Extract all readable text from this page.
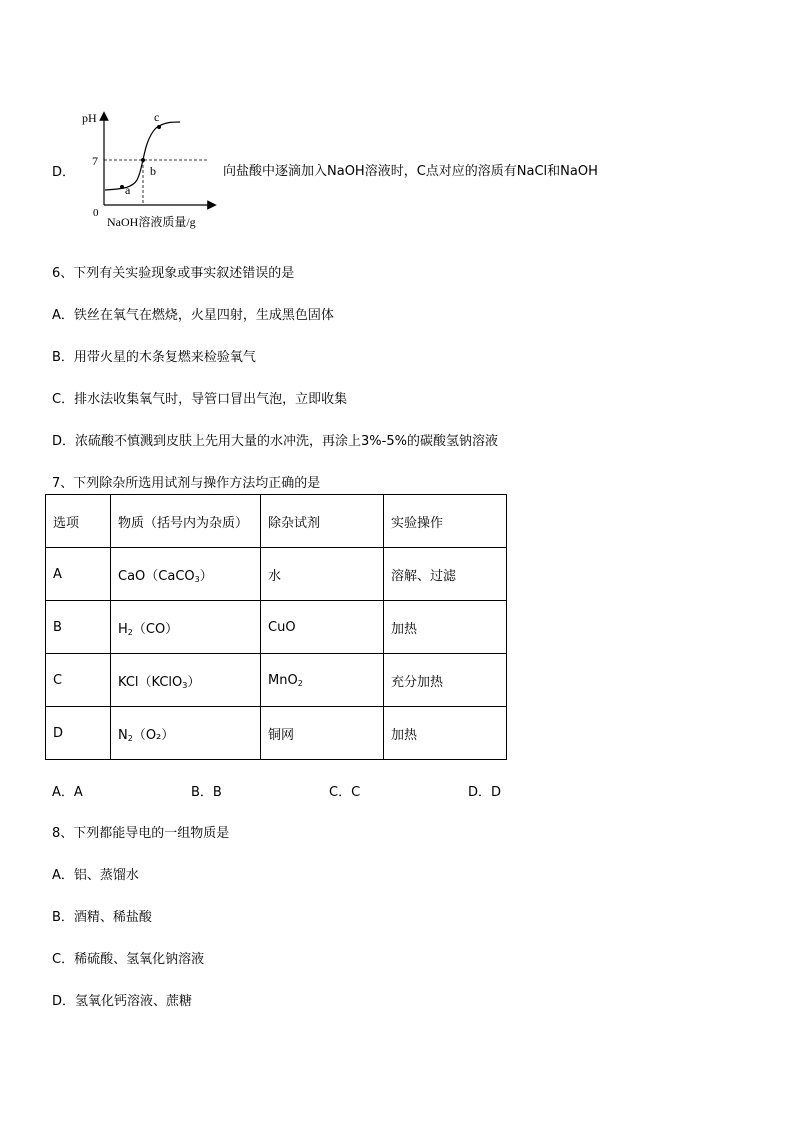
D．
pH
7
0
a
b
c
NaOH溶液质量/g
向盐酸中逐滴加入NaOH溶液时，C点对应的溶质有NaCl和NaOH
6、下列有关实验现象或事实叙述错误的是
A．铁丝在氧气在燃烧，火星四射，生成黑色固体
B．用带火星的木条复燃来检验氧气
C．排水法收集氧气时，导管口冒出气泡，立即收集
D．浓硫酸不慎溅到皮肤上先用大量的水冲洗，再涂上3%-5%的碳酸氢钠溶液
7、下列除杂所选用试剂与操作方法均正确的是
选项	物质（括号内为杂质）	除杂试剂	实验操作
A	CaO（CaCO$_3$）	水	溶解、过滤
B	$H_2(CO)$	CuO	加热
C	KCl（KClO$_3$）	MnO$_2$	充分加热
D	$N_2(O_2)$	铜网	加热
A．A	B．B	C．C	D．D
8、下列都能导电的一组物质是
A．铝、蒸馏水
B．酒精、稀盐酸
C．稀硫酸、氢氧化钠溶液
D．氢氧化钙溶液、蔗糖
